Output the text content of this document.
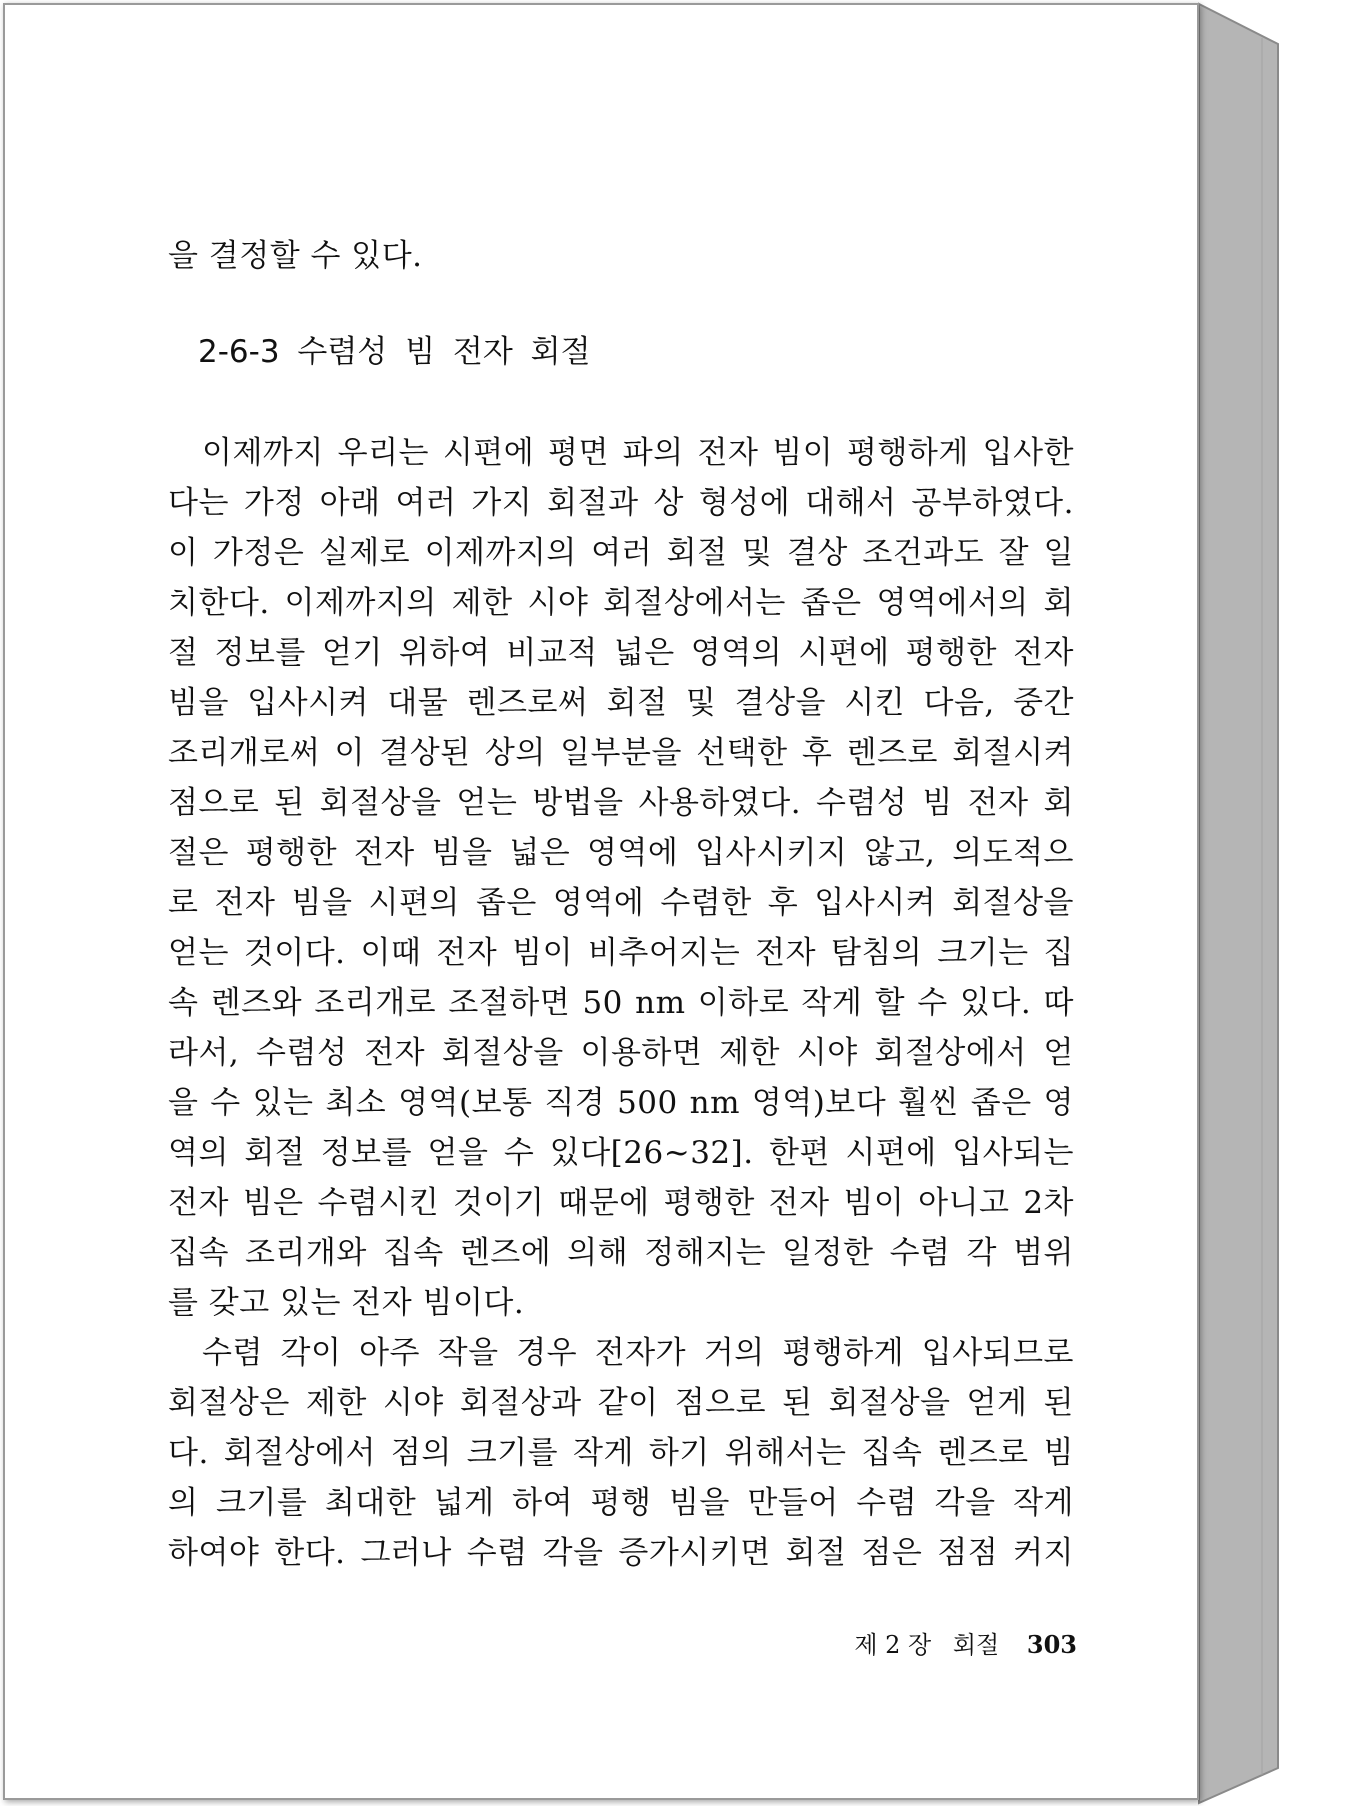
을 결정할 수 있다.
2-6-3 수렴성 빔 전자 회절
이제까지 우리는 시편에 평면 파의 전자 빔이 평행하게 입사한
다는 가정 아래 여러 가지 회절과 상 형성에 대해서 공부하였다.
이 가정은 실제로 이제까지의 여러 회절 및 결상 조건과도 잘 일
치한다. 이제까지의 제한 시야 회절상에서는 좁은 영역에서의 회
절 정보를 얻기 위하여 비교적 넓은 영역의 시편에 평행한 전자
빔을 입사시켜 대물 렌즈로써 회절 및 결상을 시킨 다음, 중간
조리개로써 이 결상된 상의 일부분을 선택한 후 렌즈로 회절시켜
점으로 된 회절상을 얻는 방법을 사용하였다. 수렴성 빔 전자 회
절은 평행한 전자 빔을 넓은 영역에 입사시키지 않고, 의도적으
로 전자 빔을 시편의 좁은 영역에 수렴한 후 입사시켜 회절상을
얻는 것이다. 이때 전자 빔이 비추어지는 전자 탐침의 크기는 집
속 렌즈와 조리개로 조절하면 50 nm 이하로 작게 할 수 있다. 따
라서, 수렴성 전자 회절상을 이용하면 제한 시야 회절상에서 얻
을 수 있는 최소 영역(보통 직경 500 nm 영역)보다 훨씬 좁은 영
역의 회절 정보를 얻을 수 있다[26~32]. 한편 시편에 입사되는
전자 빔은 수렴시킨 것이기 때문에 평행한 전자 빔이 아니고 2차
집속 조리개와 집속 렌즈에 의해 정해지는 일정한 수렴 각 범위
를 갖고 있는 전자 빔이다.
수렴 각이 아주 작을 경우 전자가 거의 평행하게 입사되므로
회절상은 제한 시야 회절상과 같이 점으로 된 회절상을 얻게 된
다. 회절상에서 점의 크기를 작게 하기 위해서는 집속 렌즈로 빔
의 크기를 최대한 넓게 하여 평행 빔을 만들어 수렴 각을 작게
하여야 한다. 그러나 수렴 각을 증가시키면 회절 점은 점점 커지
제 2 장 회절 303
